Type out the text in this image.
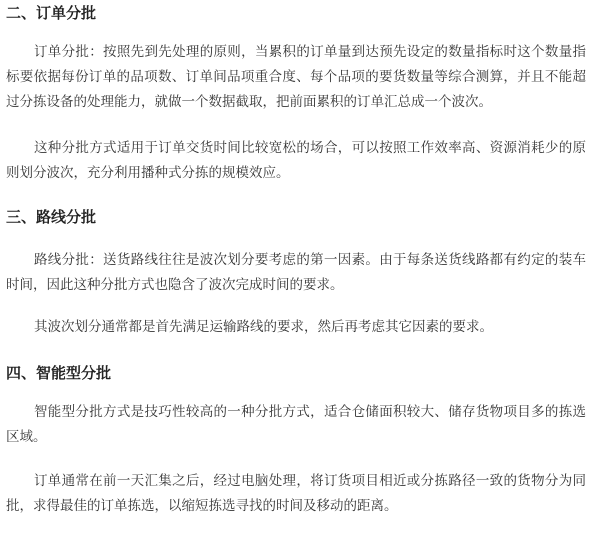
二、订单分批

订单分批：按照先到先处理的原则，当累积的订单量到达预先设定的数量指标时这个数量指标要依据每份订单的品项数、订单间品项重合度、每个品项的要货数量等综合测算，并且不能超过分拣设备的处理能力，就做一个数据截取，把前面累积的订单汇总成一个波次。

这种分批方式适用于订单交货时间比较宽松的场合，可以按照工作效率高、资源消耗少的原则划分波次，充分利用播种式分拣的规模效应。

三、路线分批

路线分批：送货路线往往是波次划分要考虑的第一因素。由于每条送货线路都有约定的装车时间，因此这种分批方式也隐含了波次完成时间的要求。

其波次划分通常都是首先满足运输路线的要求，然后再考虑其它因素的要求。

四、智能型分批

智能型分批方式是技巧性较高的一种分批方式，适合仓储面积较大、储存货物项目多的拣选区域。

订单通常在前一天汇集之后，经过电脑处理，将订货项目相近或分拣路径一致的货物分为同批，求得最佳的订单拣选，以缩短拣选寻找的时间及移动的距离。
